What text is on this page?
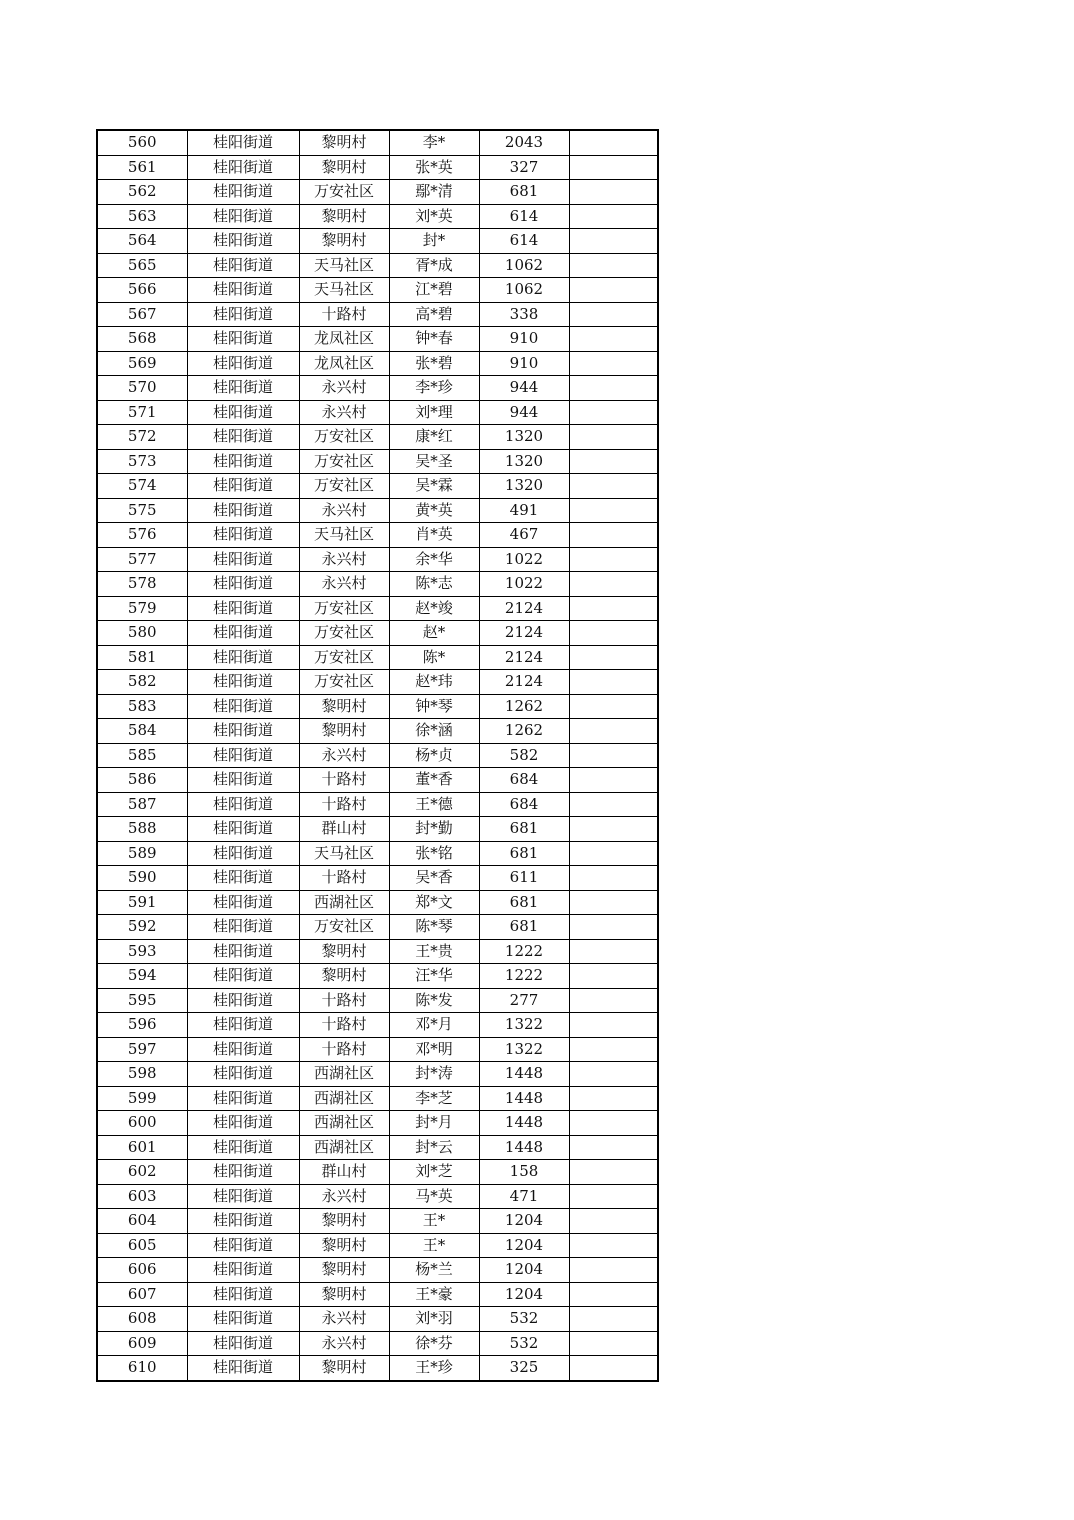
560	桂阳街道	黎明村	李*	2043	
561	桂阳街道	黎明村	张*英	327	
562	桂阳街道	万安社区	鄢*清	681	
563	桂阳街道	黎明村	刘*英	614	
564	桂阳街道	黎明村	封*	614	
565	桂阳街道	天马社区	胥*成	1062	
566	桂阳街道	天马社区	江*碧	1062	
567	桂阳街道	十路村	高*碧	338	
568	桂阳街道	龙凤社区	钟*春	910	
569	桂阳街道	龙凤社区	张*碧	910	
570	桂阳街道	永兴村	李*珍	944	
571	桂阳街道	永兴村	刘*理	944	
572	桂阳街道	万安社区	康*红	1320	
573	桂阳街道	万安社区	吴*圣	1320	
574	桂阳街道	万安社区	吴*霖	1320	
575	桂阳街道	永兴村	黄*英	491	
576	桂阳街道	天马社区	肖*英	467	
577	桂阳街道	永兴村	余*华	1022	
578	桂阳街道	永兴村	陈*志	1022	
579	桂阳街道	万安社区	赵*竣	2124	
580	桂阳街道	万安社区	赵*	2124	
581	桂阳街道	万安社区	陈*	2124	
582	桂阳街道	万安社区	赵*玮	2124	
583	桂阳街道	黎明村	钟*琴	1262	
584	桂阳街道	黎明村	徐*涵	1262	
585	桂阳街道	永兴村	杨*贞	582	
586	桂阳街道	十路村	董*香	684	
587	桂阳街道	十路村	王*德	684	
588	桂阳街道	群山村	封*勤	681	
589	桂阳街道	天马社区	张*铭	681	
590	桂阳街道	十路村	吴*香	611	
591	桂阳街道	西湖社区	郑*文	681	
592	桂阳街道	万安社区	陈*琴	681	
593	桂阳街道	黎明村	王*贵	1222	
594	桂阳街道	黎明村	汪*华	1222	
595	桂阳街道	十路村	陈*发	277	
596	桂阳街道	十路村	邓*月	1322	
597	桂阳街道	十路村	邓*明	1322	
598	桂阳街道	西湖社区	封*涛	1448	
599	桂阳街道	西湖社区	李*芝	1448	
600	桂阳街道	西湖社区	封*月	1448	
601	桂阳街道	西湖社区	封*云	1448	
602	桂阳街道	群山村	刘*芝	158	
603	桂阳街道	永兴村	马*英	471	
604	桂阳街道	黎明村	王*	1204	
605	桂阳街道	黎明村	王*	1204	
606	桂阳街道	黎明村	杨*兰	1204	
607	桂阳街道	黎明村	王*豪	1204	
608	桂阳街道	永兴村	刘*羽	532	
609	桂阳街道	永兴村	徐*芬	532	
610	桂阳街道	黎明村	王*珍	325	
